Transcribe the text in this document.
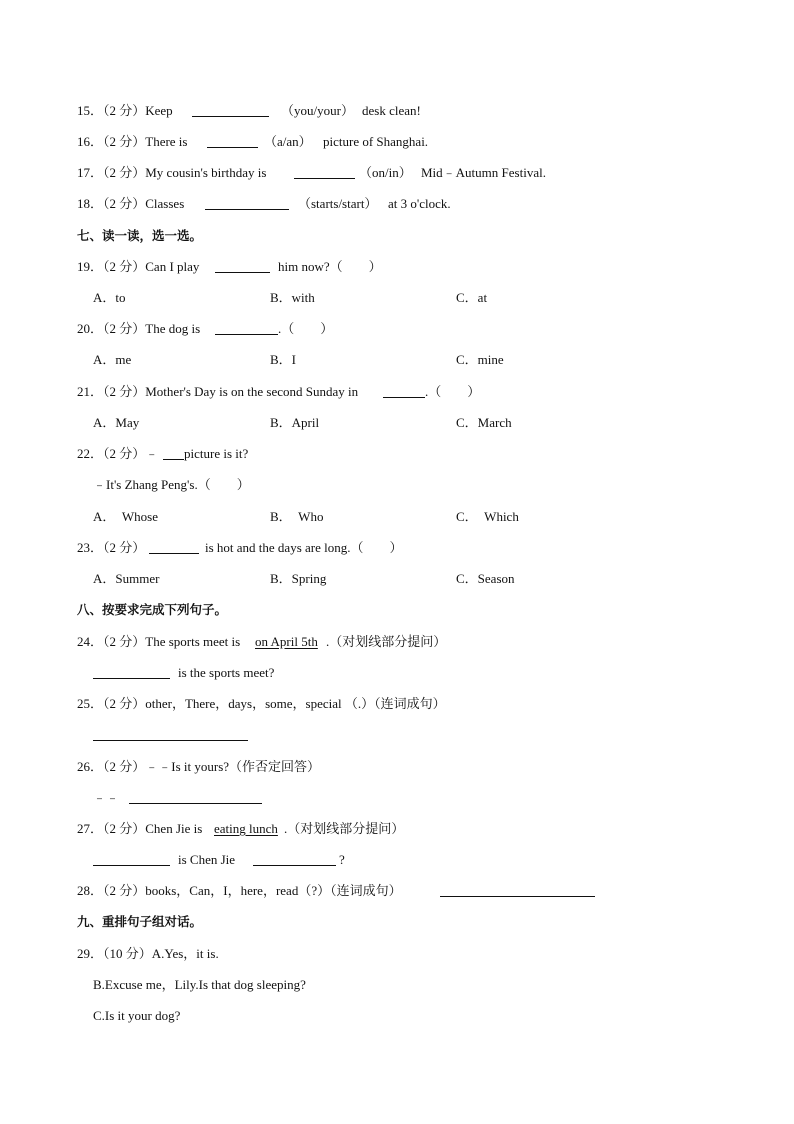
15．（2 分）Keep	（you/your） desk clean!
16．（2 分）There is	（a/an） picture of Shanghai.
17．（2 分）My cousin's birthday is	（on/in） Mid﹣Autumn Festival.
18．（2 分）Classes	（starts/start） at 3 o'clock.
七、读一读，选一选。
19．（2 分）Can I play	him now?（　　）
A．to	B．with	C．at
20．（2 分）The dog is	.（　　）
A．me	B．I	C．mine
21．（2 分）Mother's Day is on the second Sunday in	.（　　）
A．May	B．April	C．March
22．（2 分）﹣ picture is it?
﹣It's Zhang Peng's.（　　）
A．　Whose	B．　Who	C．　Which
23．（2 分）	is hot and the days are long.（　　）
A．Summer	B．Spring	C．Season
八、按要求完成下列句子。
24．（2 分）The sports meet is on April 5th .（对划线部分提问）
is the sports meet?
25．（2 分）other，There，days，some，special （.）（连词成句）
26．（2 分）﹣﹣Is it yours?（作否定回答）
﹣﹣
27．（2 分）Chen Jie is eating lunch .（对划线部分提问）
is Chen Jie	?
28．（2 分）books，Can，I，here，read（?）（连词成句）
九、重排句子组对话。
29．（10 分）A.Yes，it is.
B.Excuse me，Lily.Is that dog sleeping?
C.Is it your dog?
